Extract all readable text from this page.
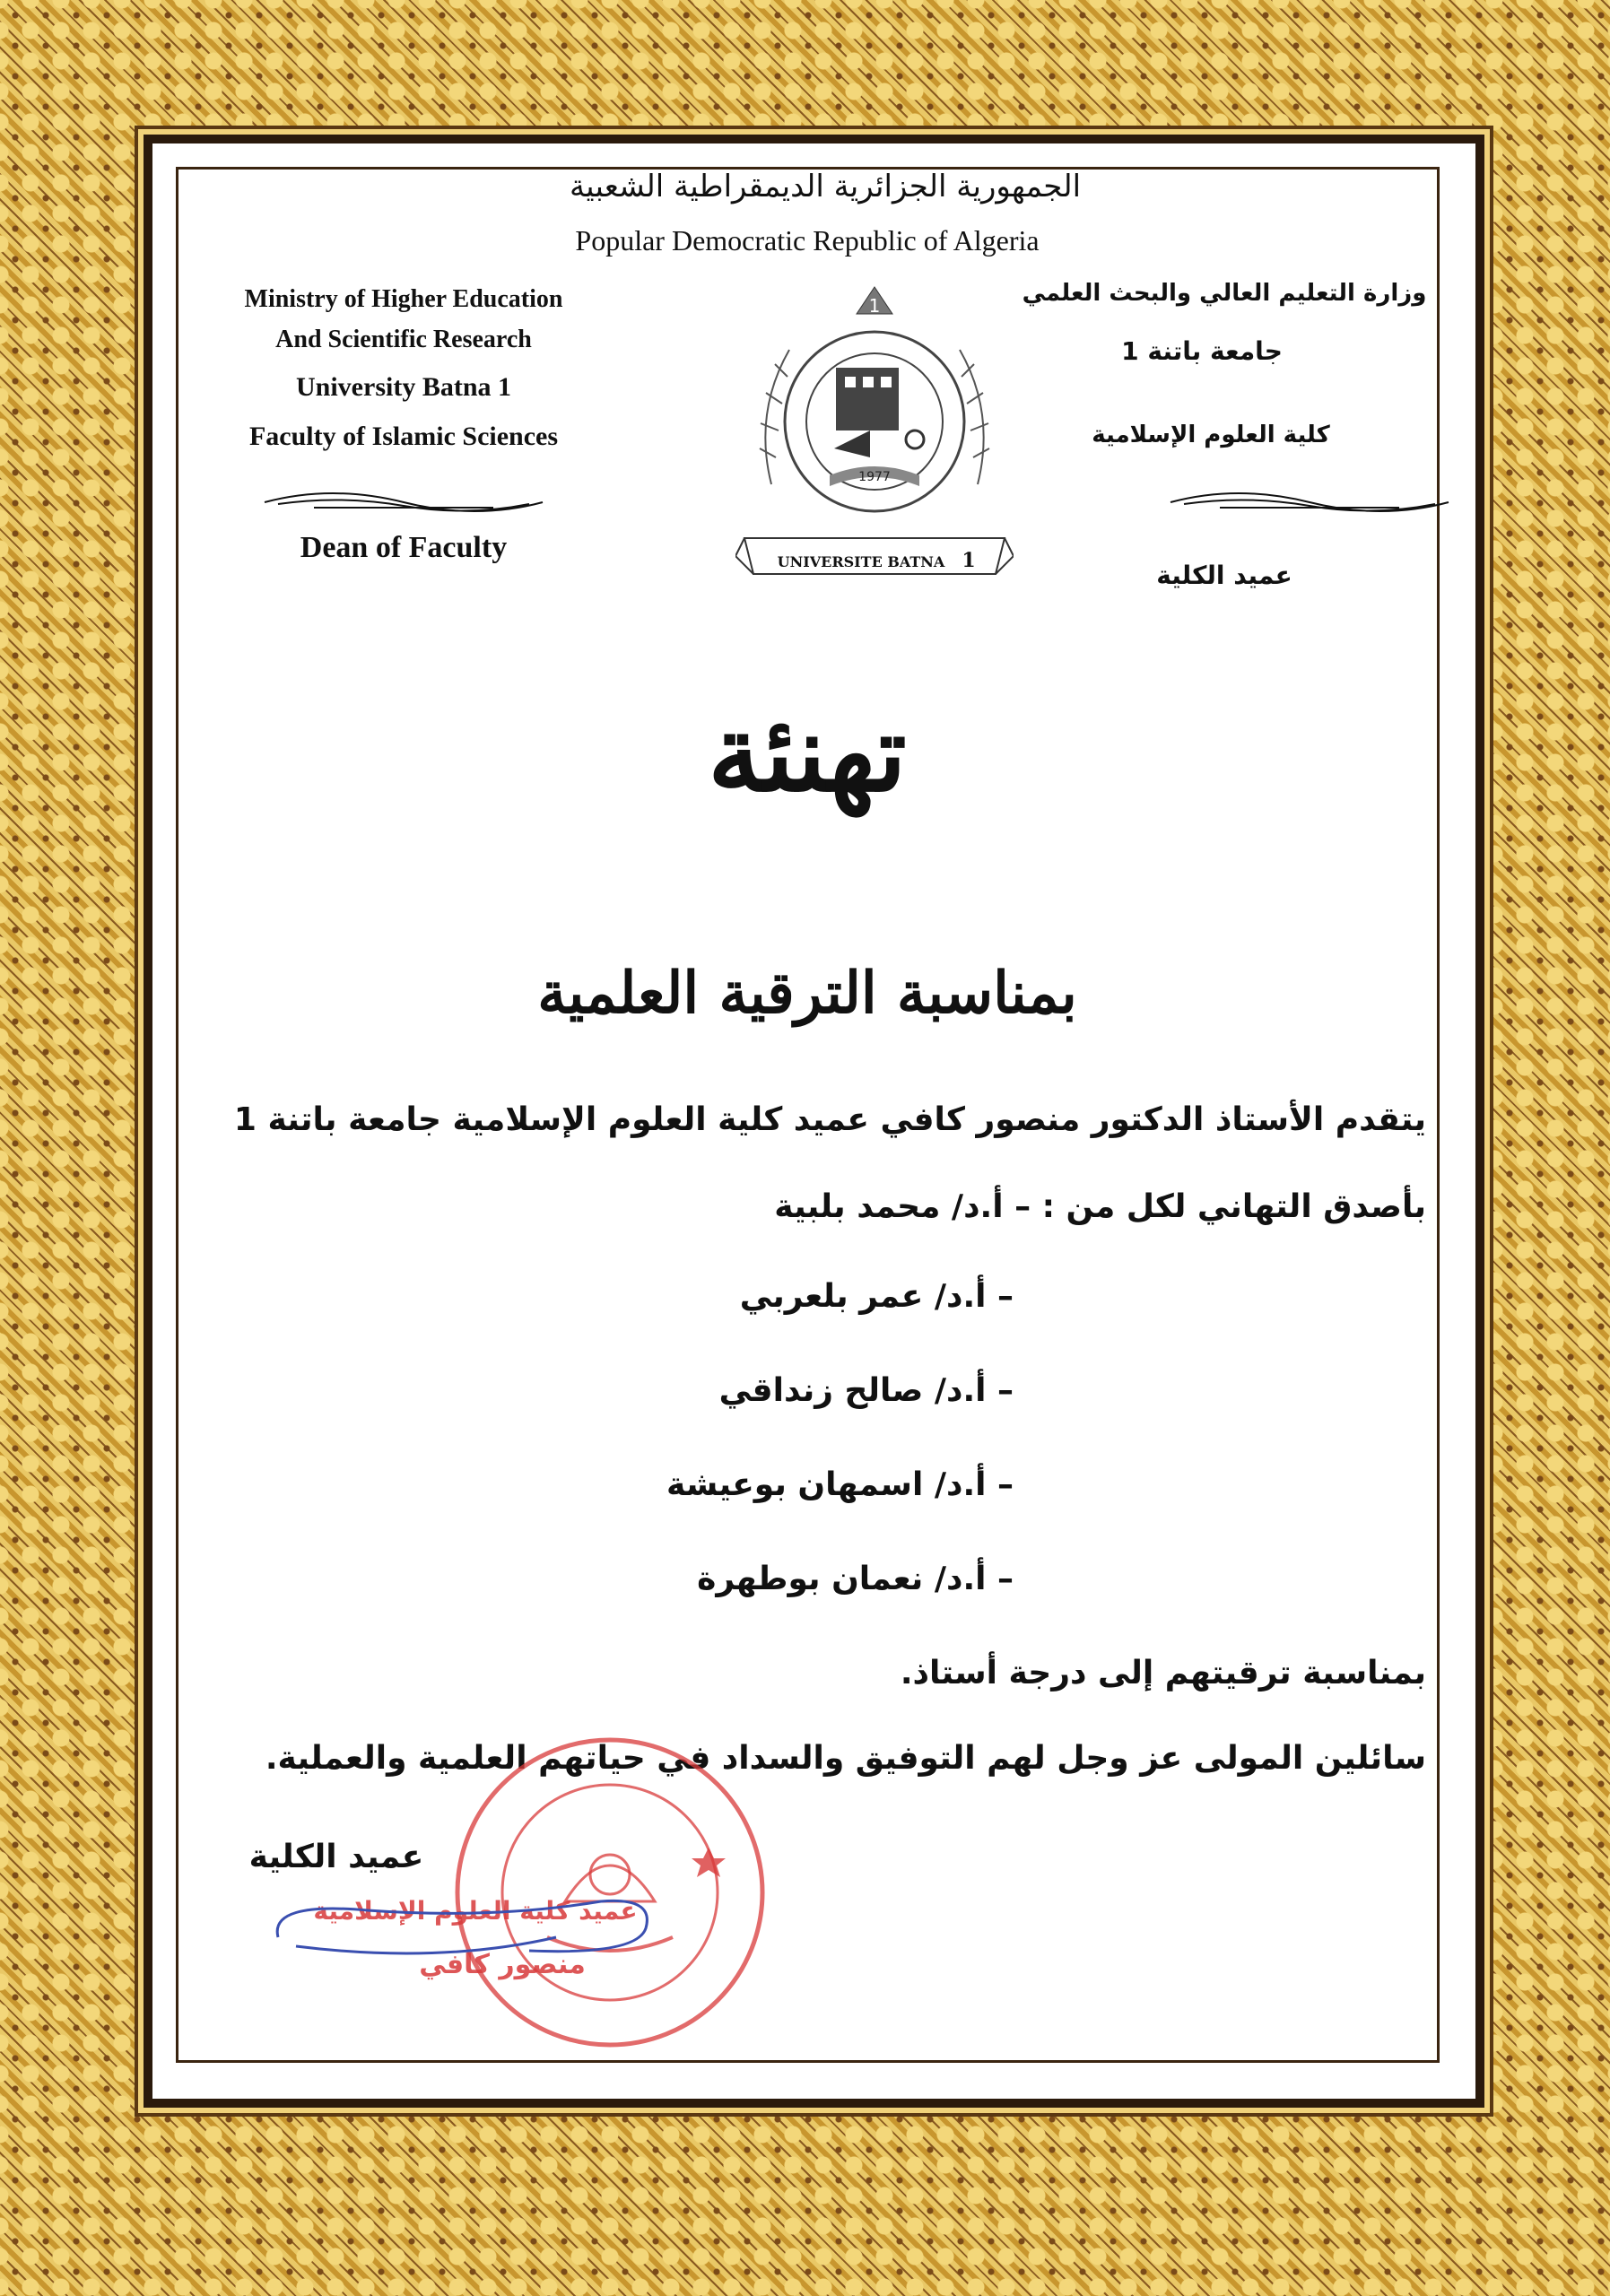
الجمهورية الجزائرية الديمقراطية الشعبية
Popular Democratic Republic of Algeria
Ministry of Higher Education
And Scientific Research
University Batna 1
Faculty of Islamic Sciences
Dean of Faculty
وزارة التعليم العالي والبحث العلمي
جامعة باتنة 1
كلية العلوم الإسلامية
عميد الكلية
1
1977
UNIVERSITE BATNA 1
تهنئة
بمناسبة الترقية العلمية
يتقدم الأستاذ الدكتور منصور كافي عميد كلية العلوم الإسلامية جامعة باتنة 1
بأصدق التهاني لكل من : – أ.د/ محمد بلبية
– أ.د/ عمر بلعربي
– أ.د/ صالح زنداقي
– أ.د/ اسمهان بوعيشة
– أ.د/ نعمان بوطهرة
بمناسبة ترقيتهم إلى درجة أستاذ.
سائلين المولى عز وجل لهم التوفيق والسداد في حياتهم العلمية والعملية.
عميد الكلية
عميد كلية العلوم الإسلامية
منصور كافي
